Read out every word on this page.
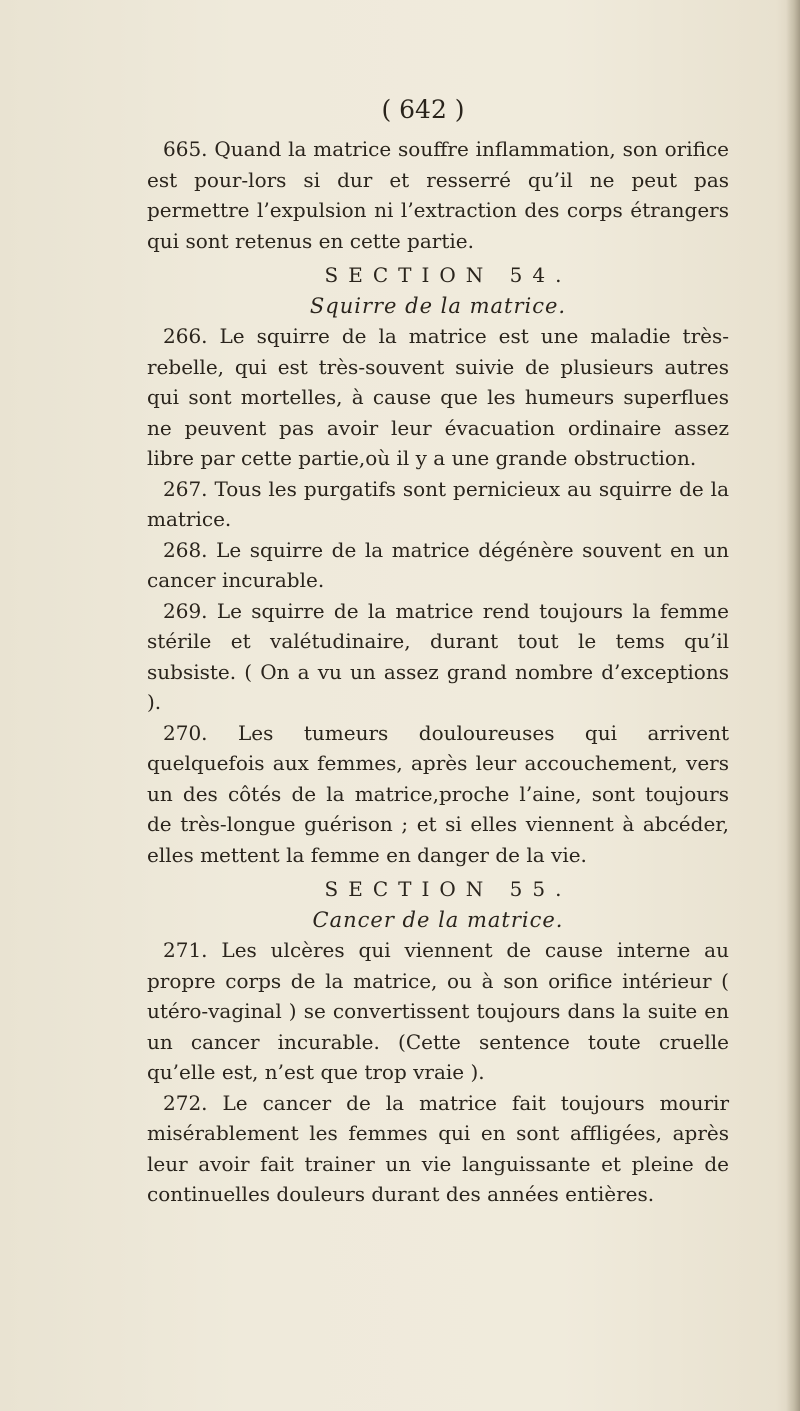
( 642 )

665. Quand la matrice souffre inflammation, son orifice est pour-lors si dur et resserré qu’il ne peut pas permettre l’expulsion ni l’extraction des corps étrangers qui sont retenus en cette partie.

SECTION 54.
Squirre de la matrice.

266. Le squirre de la matrice est une maladie très-rebelle, qui est très-souvent suivie de plusieurs autres qui sont mortelles, à cause que les humeurs superflues ne peuvent pas avoir leur évacuation ordinaire assez libre par cette partie,où il y a une grande obstruction.

267. Tous les purgatifs sont pernicieux au squirre de la matrice.

268. Le squirre de la matrice dégénère souvent en un cancer incurable.

269. Le squirre de la matrice rend toujours la femme stérile et valétudinaire, durant tout le tems qu’il subsiste. ( On a vu un assez grand nombre d’exceptions ).

270. Les tumeurs douloureuses qui arrivent quelquefois aux femmes, après leur accouchement, vers un des côtés de la matrice,proche l’aine, sont toujours de très-longue guérison ; et si elles viennent à abcéder, elles mettent la femme en danger de la vie.

SECTION 55.
Cancer de la matrice.

271. Les ulcères qui viennent de cause interne au propre corps de la matrice, ou à son orifice intérieur ( utéro-vaginal ) se convertissent toujours dans la suite en un cancer incurable. (Cette sentence toute cruelle qu’elle est, n’est que trop vraie ).

272. Le cancer de la matrice fait toujours mourir misérablement les femmes qui en sont affligées, après leur avoir fait trainer un vie languissante et pleine de continuelles douleurs durant des années entières.
